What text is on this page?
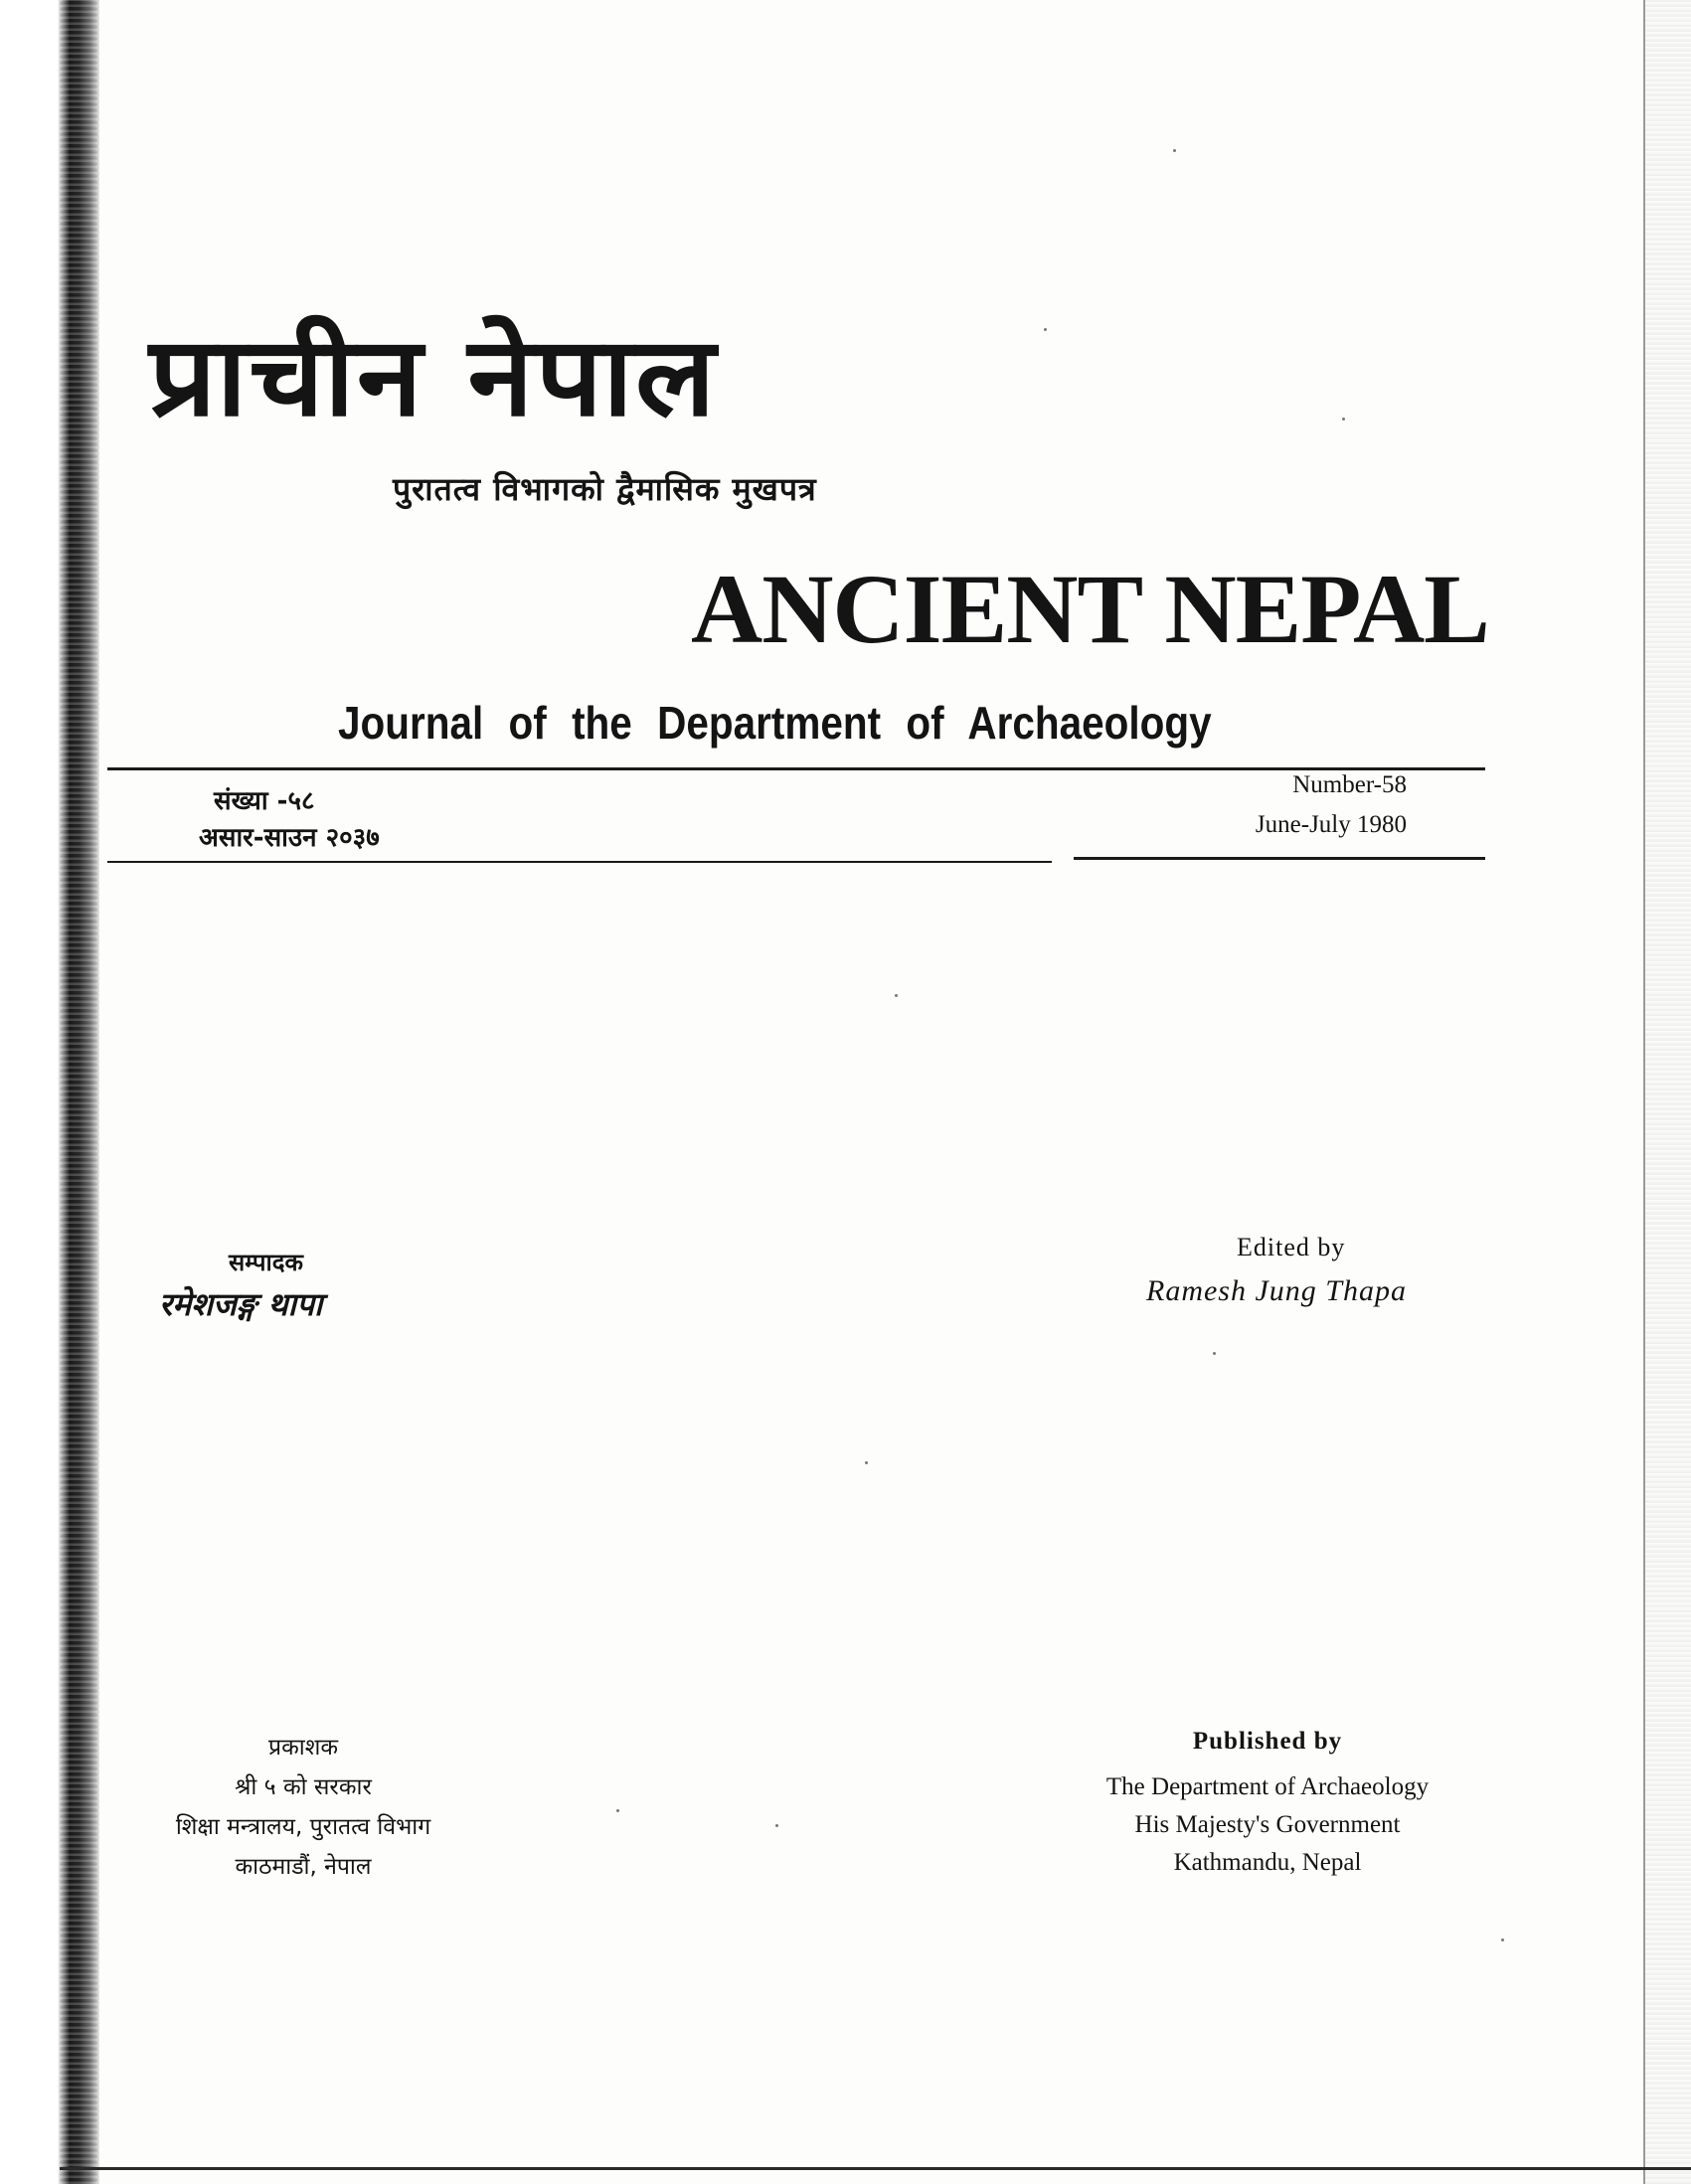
प्राचीन नेपाल
पुरातत्व विभागको द्वैमासिक मुखपत्र
ANCIENT NEPAL
Journal of the Department of Archaeology
संख्या -५८
असार-साउन २०३७
Number-58
June-July 1980
सम्पादक
रमेशजङ्ग थापा
Edited by
Ramesh Jung Thapa
प्रकाशक
श्री ५ को सरकार
शिक्षा मन्त्रालय, पुरातत्व विभाग
काठमाडौं, नेपाल
Published by
The Department of Archaeology
His Majesty's Government
Kathmandu, Nepal
